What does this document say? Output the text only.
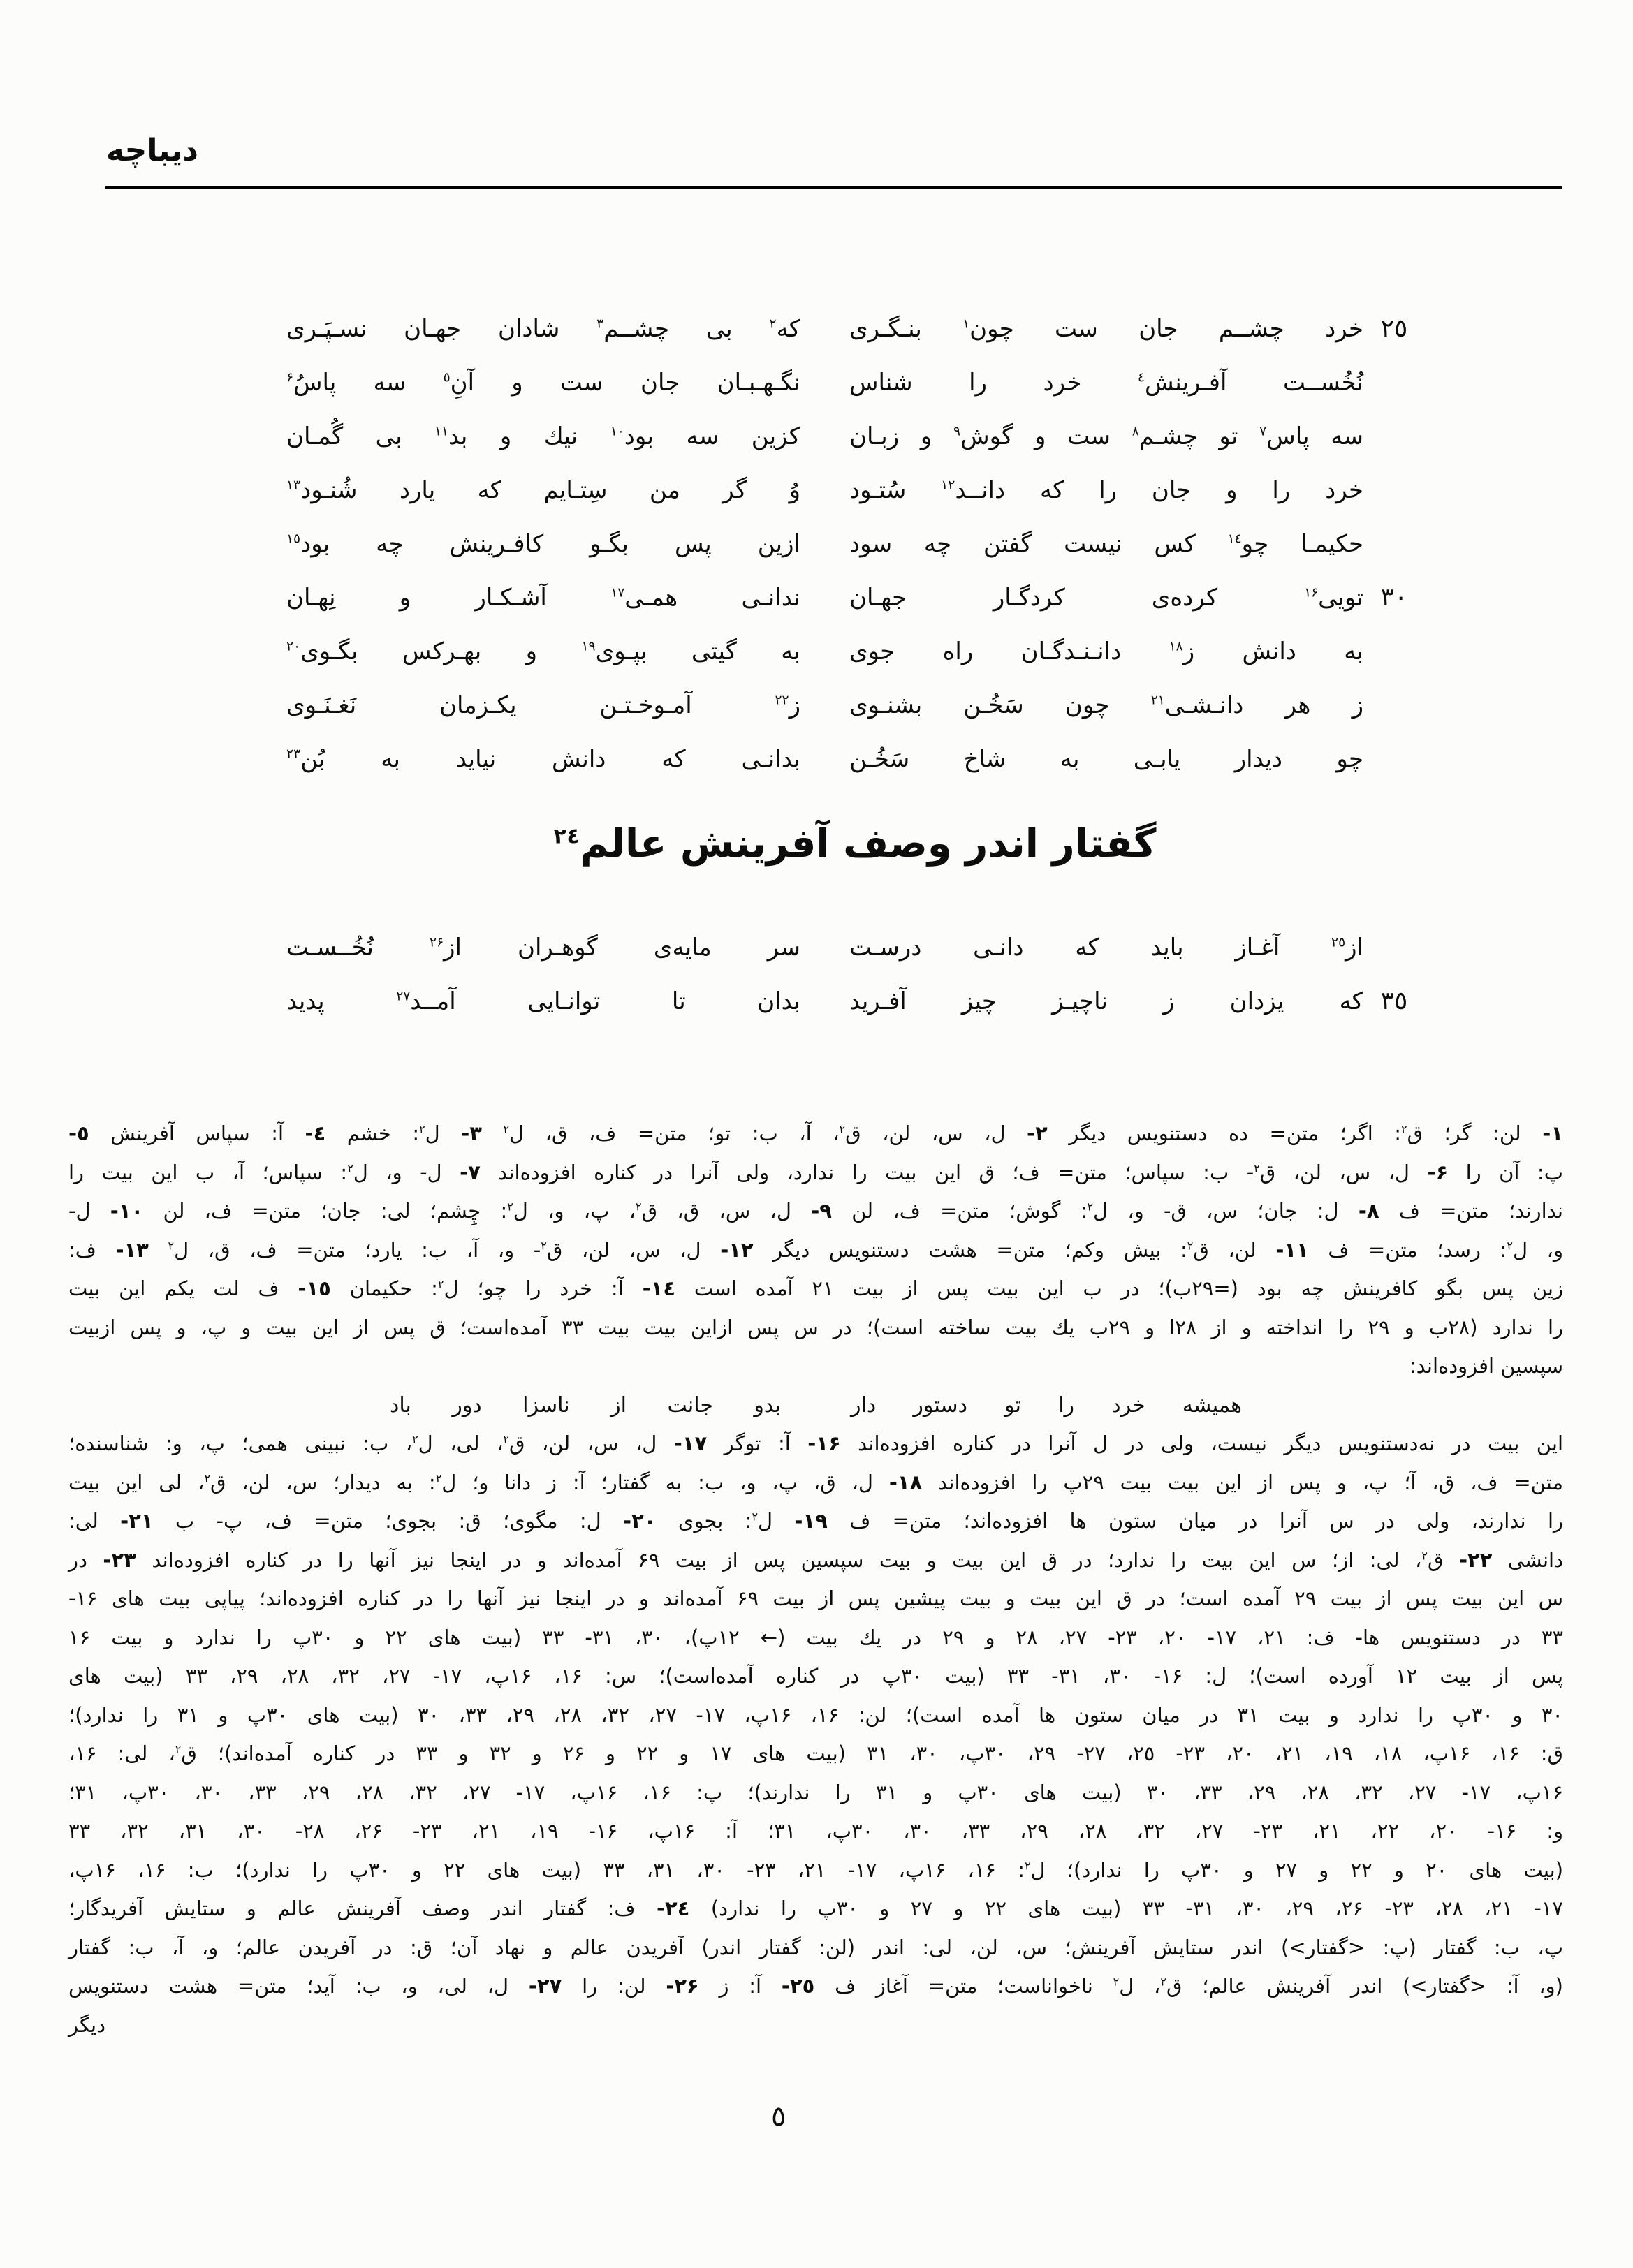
دیباچه
٢٥
خرد چشــم جان ست چون$^١$ بنـگـری
که$^٢$ بی چشــم$^٣$ شادان جهـان نسـپَـری
نُخُســت آفـرینش$^٤$ خرد را شناس
نگـهـبـان جان ست و آنِ$^٥$ سه پاسُ$^۶$
سه پاس$^٧$ تو چشـم$^٨$ ست و گوش$^٩$ و زبـان
کزین سه بود$^{١٠}$ نیك و بد$^{١١}$ بی گُمـان
خرد را و جان را که دانــد$^{١٢}$ سُتـود
وُ گر من سِتـایم که یارد شُنـود$^{١٣}$
حکیمـا چو$^{١٤}$ کس نیست گفتن چه سود
ازین پس بگـو کافـرینش چه بود$^{١٥}$
٣٠
تویی$^{١۶}$ کرده‌ی کردگـار جهـان
ندانـی همـی$^{١٧}$ آشـکـار و نِهـان
به دانش ز$^{١٨}$ دانـنـدگـان راه جوی
به گیتی بپـوی$^{١٩}$ و بهـرکس بگـوی$^{٢٠}$
ز هر دانـشـی$^{٢١}$ چون سَخُـن بشنـوی
ز$^{٢٢}$ آمـوخـتـن یكـزمان نَغـنَـوی
چو دیدار یابـی به شاخ سَخُـن
بدانـی که دانش نیاید به بُن$^{٢٣}$
گفتار اندر وصف آفرینش عالم$^{٢٤}$
از$^{٢٥}$ آغـاز باید که دانـی درسـت
سر مایه‌ی گوهـران از$^{٢۶}$ نُخُــسـت
٣٥
که یزدان ز ناچیـز چیز آفـرید
بدان تا توانـایی آمــد$^{٢٧}$ پدید
١- لن: گر؛ ق$^٢$: اگر؛ متن= ده دستنویس دیگر ٢- ل، س، لن، ق$^٢$، آ، ب: تو؛ متن= ف، ق، ل$^٢$ ٣- ل$^٢$: خشم ٤- آ: سپاس آفرینش ٥-
پ: آن را ۶- ل، س، لن، ق$^٢$- ب: سپاس؛ متن= ف؛ ق این بیت را ندارد، ولی آنرا در کناره افزوده‌اند ٧- ل- و، ل$^٢$: سپاس؛ آ، ب این بیت را
ندارند؛ متن= ف ٨- ل: جان؛ س، ق- و، ل$^٢$: گوش؛ متن= ف، لن ٩- ل، س، ق، ق$^٢$، پ، و، ل$^٢$: چِشم؛ لی: جان؛ متن= ف، لن ١٠- ل-
و، ل$^٢$: رسد؛ متن= ف ١١- لن، ق$^٢$: بیش وکم؛ متن= هشت دستنویس دیگر ١٢- ل، س، لن، ق$^٢$- و، آ، ب: یارد؛ متن= ف، ق، ل$^٢$ ١٣- ف:
زین پس بگو کافرینش چه بود (=٢٩ب)؛ در ب این بیت پس از بیت ٢١ آمده است ١٤- آ: خرد را چو؛ ل$^٢$: حکیمان ١٥- ف لت یکم این بیت
را ندارد (٢٨ب و ٢٩ را انداخته و از ٢٨ا و ٢٩ب یك بیت ساخته است)؛ در س پس ازاین بیت بیت ٣٣ آمده‌است؛ ق پس از این بیت و پ، و پس ازبیت
سپسین افزوده‌اند:
همیشه خرد را تو دستور دار
بدو جانت از ناسزا دور باد
این بیت در نه‌دستنویس دیگر نیست، ولی در ل آنرا در کناره افزوده‌اند ١۶- آ: توگر ١٧- ل، س، لن، ق$^٢$، لی، ل$^٢$، ب: نبینی همی؛ پ، و: شناسنده؛
متن= ف، ق، آ؛ پ، و پس از این بیت بیت ٢٩پ را افزوده‌اند ١٨- ل، ق، پ، و، ب: به گفتار؛ آ: ز دانا و؛ ل$^٢$: به دیدار؛ س، لن، ق$^٢$، لی این بیت
را ندارند، ولی در س آنرا در میان ستون ها افزوده‌اند؛ متن= ف ١٩- ل$^٢$: بجوی ٢٠- ل: مگوی؛ ق: بجوی؛ متن= ف، پ- ب ٢١- لی:
دانشی ٢٢- ق$^٢$، لی: از؛ س این بیت را ندارد؛ در ق این بیت و بیت سپسین پس از بیت ۶٩ آمده‌اند و در اینجا نیز آنها را در کناره افزوده‌اند ٢٣- در
س این بیت پس از بیت ٢٩ آمده است؛ در ق این بیت و بیت پیشین پس از بیت ۶٩ آمده‌اند و در اینجا نیز آنها را در کناره افزوده‌اند؛ پیاپی بیت های ١۶-
٣٣ در دستنویس ها- ف: ٢١، ١٧- ٢٠، ٢٣- ٢٧، ٢٨ و ٢٩ در یك بیت (← ١٢پ)، ٣٠، ٣١- ٣٣ (بیت های ٢٢ و ٣٠پ را ندارد و بیت ١۶
پس از بیت ١٢ آورده است)؛ ل: ١۶- ٣٠، ٣١- ٣٣ (بیت ٣٠پ در کناره آمده‌است)؛ س: ١۶، ١۶پ، ١٧- ٢٧، ٣٢، ٢٨، ٢٩، ٣٣ (بیت های
٣٠ و ٣٠پ را ندارد و بیت ٣١ در میان ستون ها آمده است)؛ لن: ١۶، ١۶پ، ١٧- ٢٧، ٣٢، ٢٨، ٢٩، ٣٣، ٣٠ (بیت های ٣٠پ و ٣١ را ندارد)؛
ق: ١۶، ١۶پ، ١٨، ١٩، ٢١، ٢٠، ٢٣- ٢٥، ٢٧- ٢٩، ٣٠پ، ٣٠، ٣١ (بیت های ١٧ و ٢٢ و ٢۶ و ٣٢ و ٣٣ در کناره آمده‌اند)؛ ق$^٢$، لی: ١۶،
١۶پ، ١٧- ٢٧، ٣٢، ٢٨، ٢٩، ٣٣، ٣٠ (بیت های ٣٠پ و ٣١ را ندارند)؛ پ: ١۶، ١۶پ، ١٧- ٢٧، ٣٢، ٢٨، ٢٩، ٣٣، ٣٠، ٣٠پ، ٣١؛
و: ١۶- ٢٠، ٢٢، ٢١، ٢٣- ٢٧، ٣٢، ٢٨، ٢٩، ٣٣، ٣٠، ٣٠پ، ٣١؛ آ: ١۶پ، ١۶- ١٩، ٢١، ٢٣- ٢۶، ٢٨- ٣٠، ٣١، ٣٢، ٣٣
(بیت های ٢٠ و ٢٢ و ٢٧ و ٣٠پ را ندارد)؛ ل$^٢$: ١۶، ١۶پ، ١٧- ٢١، ٢٣- ٣٠، ٣١، ٣٣ (بیت های ٢٢ و ٣٠پ را ندارد)؛ ب: ١۶، ١۶پ،
١٧- ٢١، ٢٨، ٢٣- ٢۶، ٢٩، ٣٠، ٣١- ٣٣ (بیت های ٢٢ و ٢٧ و ٣٠پ را ندارد) ٢٤- ف: گفتار اندر وصف آفرینش عالم و ستایش آفریدگار؛
پ، ب: گفتار (پ: <گفتار>) اندر ستایش آفرینش؛ س، لن، لی: اندر (لن: گفتار اندر) آفریدن عالم و نهاد آن؛ ق: در آفریدن عالم؛ و، آ، ب: گفتار
(و، آ: <گفتار>) اندر آفرینش عالم؛ ق$^٢$، ل$^٢$ ناخواناست؛ متن= آغاز ف ٢٥- آ: ز ٢۶- لن: را ٢٧- ل، لی، و، ب: آید؛ متن= هشت دستنویس
دیگر
٥
